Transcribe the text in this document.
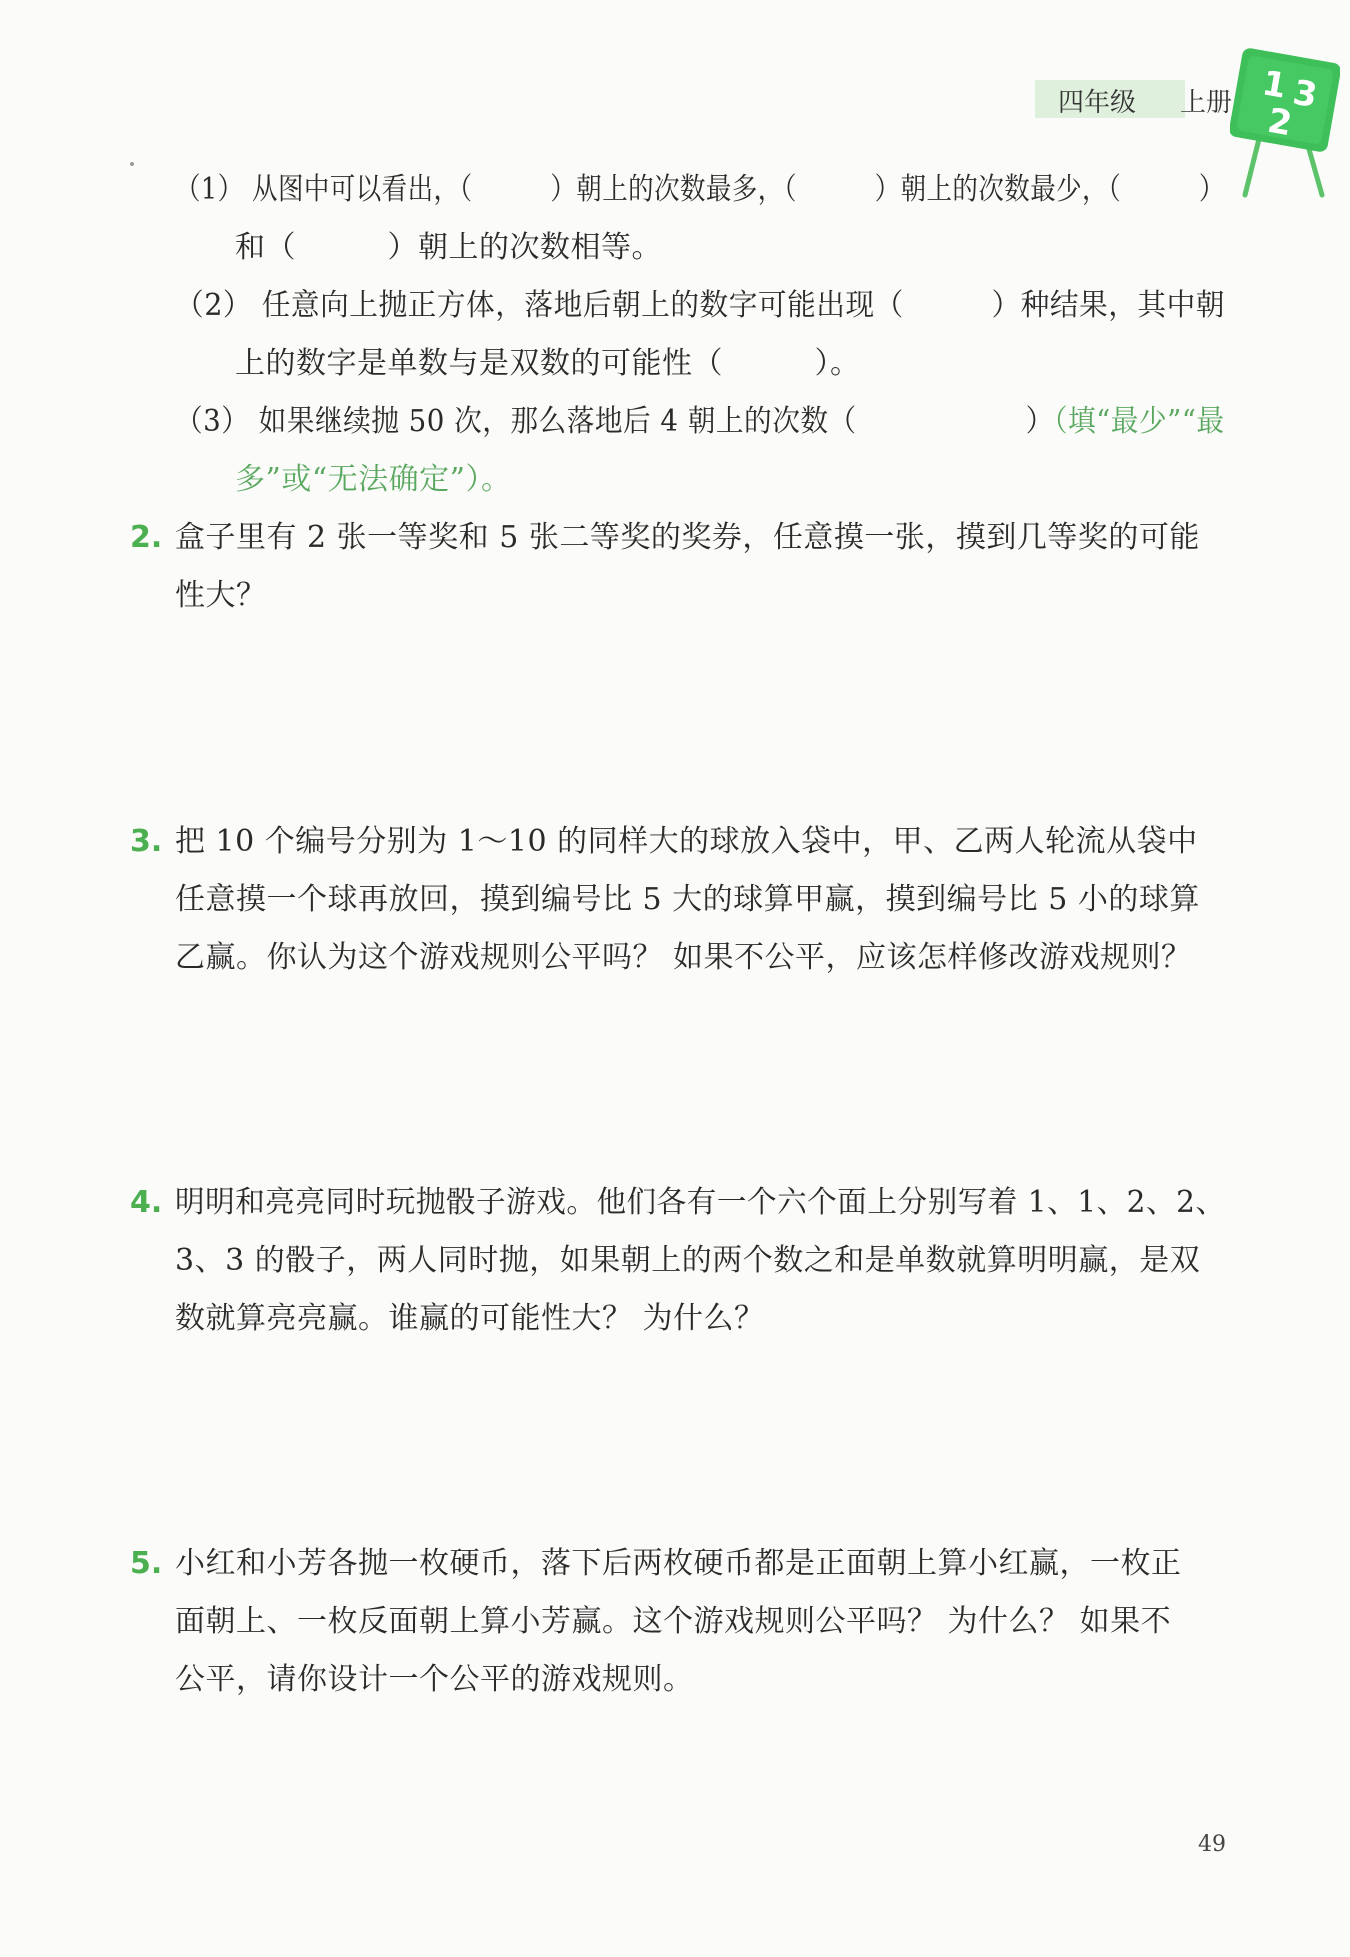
四年级 上册 1 3
2
（1） 从图中可以看出，（　　　）朝上的次数最多，（　　　）朝上的次数最少，（　　　）
和（　　　）朝上的次数相等。
（2） 任意向上抛正方体，落地后朝上的数字可能出现（　　　）种结果，其中朝
上的数字是单数与是双数的可能性（　　　）。
（3） 如果继续抛 50 次，那么落地后 4 朝上的次数（　　　　　　）（填“最少”“最
多”或“无法确定”）。
2. 盒子里有 2 张一等奖和 5 张二等奖的奖券，任意摸一张，摸到几等奖的可能
性大？
3. 把 10 个编号分别为 1～10 的同样大的球放入袋中，甲、乙两人轮流从袋中
任意摸一个球再放回，摸到编号比 5 大的球算甲赢，摸到编号比 5 小的球算
乙赢。你认为这个游戏规则公平吗？ 如果不公平，应该怎样修改游戏规则？
4. 明明和亮亮同时玩抛骰子游戏。他们各有一个六个面上分别写着 1、1、2、2、
3、3 的骰子，两人同时抛，如果朝上的两个数之和是单数就算明明赢，是双
数就算亮亮赢。谁赢的可能性大？ 为什么？
5. 小红和小芳各抛一枚硬币，落下后两枚硬币都是正面朝上算小红赢，一枚正
面朝上、一枚反面朝上算小芳赢。这个游戏规则公平吗？ 为什么？ 如果不
公平，请你设计一个公平的游戏规则。
49
